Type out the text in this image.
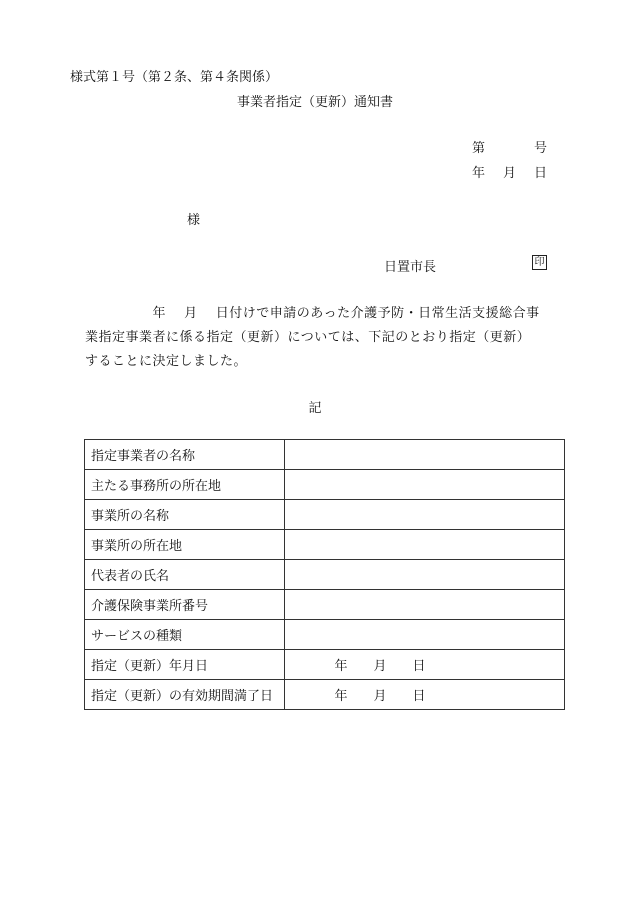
様式第１号（第２条、第４条関係）
事業者指定（更新）通知書
第	号
年 月 日
様
日置市長	印
　　　　　年　 月　 日付けで申請のあった介護予防・日常生活支援総合事
業指定事業者に係る指定（更新）については、下記のとおり指定（更新）
することに決定しました。
記
指定事業者の名称	
主たる事務所の所在地	
事業所の名称	
事業所の所在地	
代表者の氏名	
介護保険事業所番号	
サービスの種類	
指定（更新）年月日	年　　月　　日
指定（更新）の有効期間満了日	年　　月　　日
